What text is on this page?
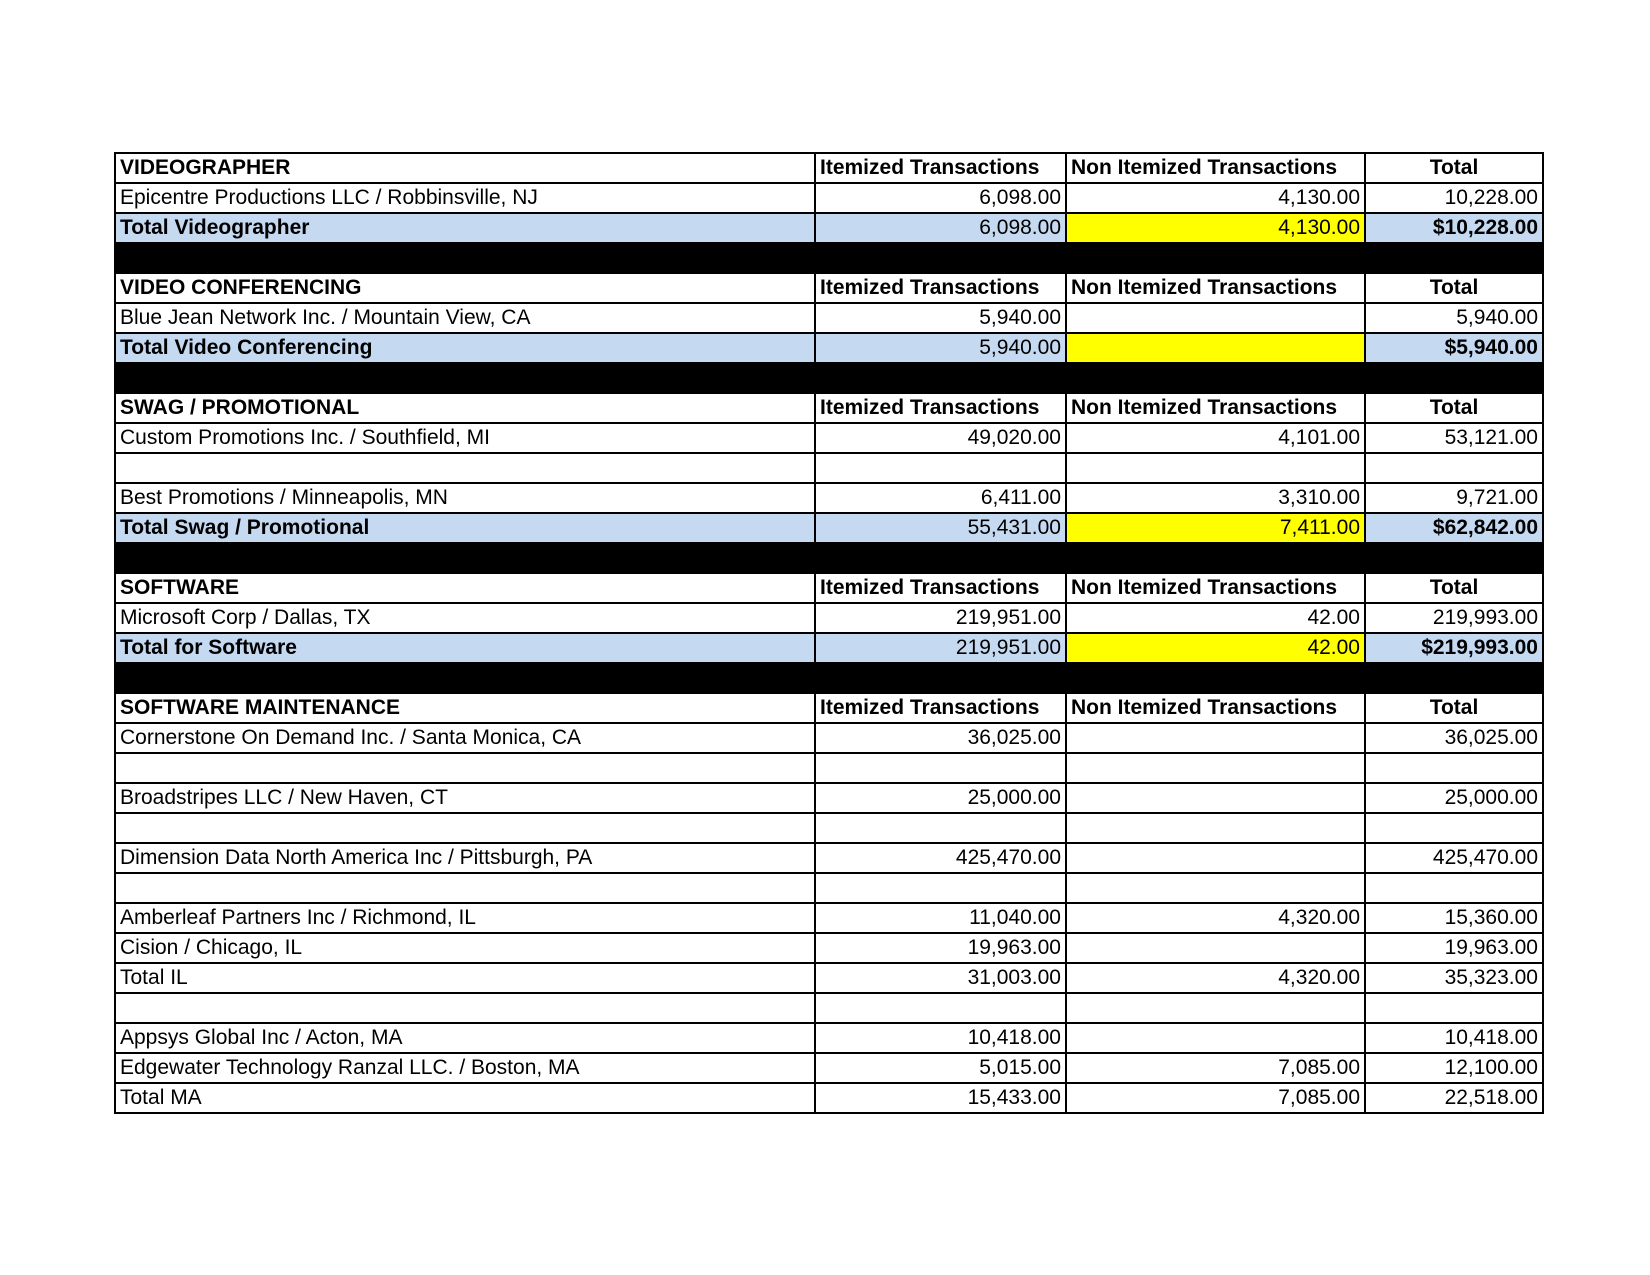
VIDEOGRAPHER	Itemized Transactions	Non Itemized Transactions	Total
Epicentre Productions LLC / Robbinsville, NJ	6,098.00	4,130.00	10,228.00
Total Videographer	6,098.00	4,130.00	$10,228.00

VIDEO CONFERENCING	Itemized Transactions	Non Itemized Transactions	Total
Blue Jean Network Inc. / Mountain View, CA	5,940.00		5,940.00
Total Video Conferencing	5,940.00		$5,940.00

SWAG / PROMOTIONAL	Itemized Transactions	Non Itemized Transactions	Total
Custom Promotions Inc. / Southfield, MI	49,020.00	4,101.00	53,121.00

Best Promotions / Minneapolis, MN	6,411.00	3,310.00	9,721.00
Total Swag / Promotional	55,431.00	7,411.00	$62,842.00

SOFTWARE	Itemized Transactions	Non Itemized Transactions	Total
Microsoft Corp / Dallas, TX	219,951.00	42.00	219,993.00
Total for Software	219,951.00	42.00	$219,993.00

SOFTWARE MAINTENANCE	Itemized Transactions	Non Itemized Transactions	Total
Cornerstone On Demand Inc. / Santa Monica, CA	36,025.00		36,025.00

Broadstripes LLC / New Haven, CT	25,000.00		25,000.00

Dimension Data North America Inc / Pittsburgh, PA	425,470.00		425,470.00

Amberleaf Partners Inc / Richmond, IL	11,040.00	4,320.00	15,360.00
Cision / Chicago, IL	19,963.00		19,963.00
Total IL	31,003.00	4,320.00	35,323.00

Appsys Global Inc / Acton, MA	10,418.00		10,418.00
Edgewater Technology Ranzal LLC. / Boston, MA	5,015.00	7,085.00	12,100.00
Total MA	15,433.00	7,085.00	22,518.00
